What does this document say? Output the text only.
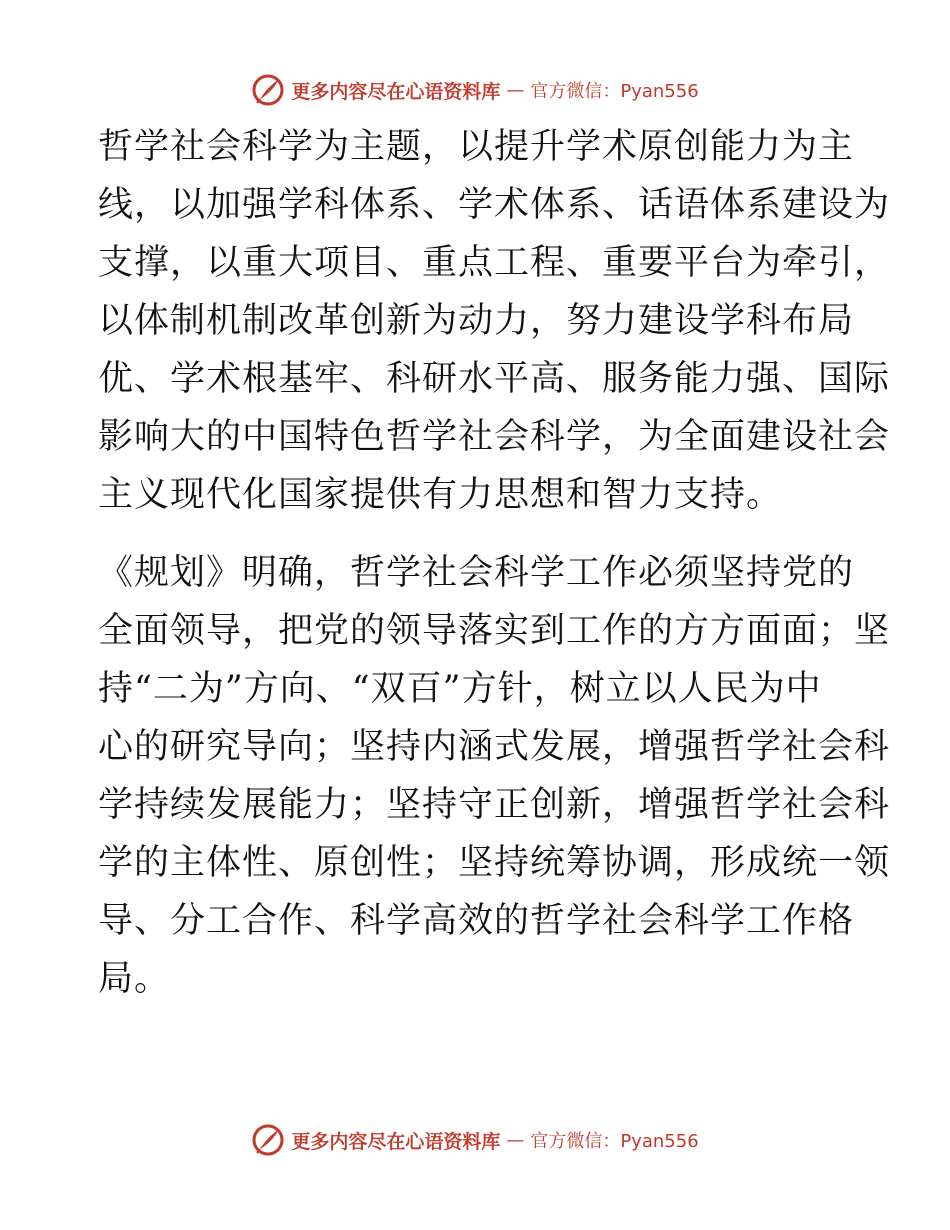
更多内容尽在心语资料库 — 官方微信：Pyan556
哲学社会科学为主题，以提升学术原创能力为主
线，以加强学科体系、学术体系、话语体系建设为
支撑，以重大项目、重点工程、重要平台为牵引，
以体制机制改革创新为动力，努力建设学科布局
优、学术根基牢、科研水平高、服务能力强、国际
影响大的中国特色哲学社会科学，为全面建设社会
主义现代化国家提供有力思想和智力支持。
《规划》明确，哲学社会科学工作必须坚持党的
全面领导，把党的领导落实到工作的方方面面；坚
持“二为”方向、“双百”方针，树立以人民为中
心的研究导向；坚持内涵式发展，增强哲学社会科
学持续发展能力；坚持守正创新，增强哲学社会科
学的主体性、原创性；坚持统筹协调，形成统一领
导、分工合作、科学高效的哲学社会科学工作格
局。
更多内容尽在心语资料库 — 官方微信：Pyan556
